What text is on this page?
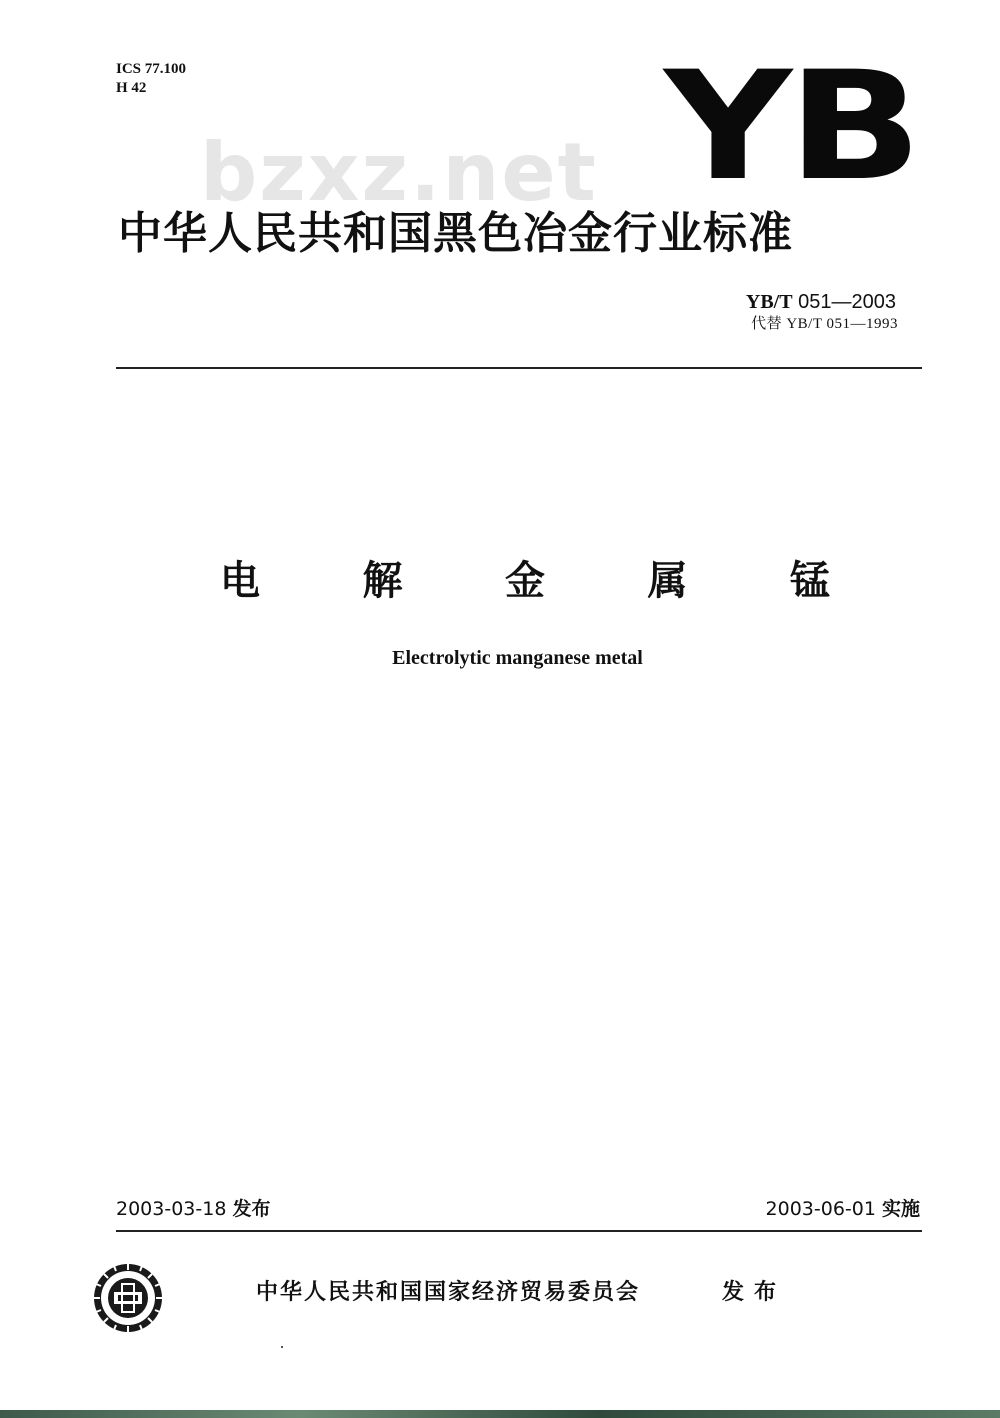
ICS 77.100
H 42	YB
bzxz.net
中华人民共和国黑色冶金行业标准
YB/T 051—2003
代替 YB/T 051—1993
电	解	金	属	锰
Electrolytic manganese metal
2003-03-18 发布	2003-06-01 实施
中华人民共和国国家经济贸易委员会	发布
